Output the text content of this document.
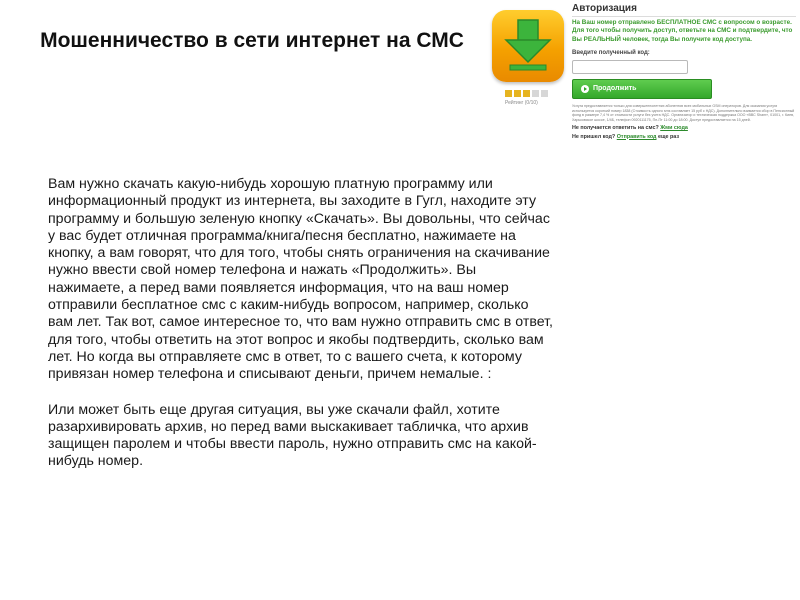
Мошенничество в сети интернет на СМС
Рейтинг (0/10)
Авторизация
На Ваш номер отправлено БЕСПЛАТНОЕ СМС с вопросом о возрасте. Для того чтобы получить доступ, ответьте на СМС и подтвердите, что Вы РЕАЛЬНЫЙ человек, тогда Вы получите код доступа.
Введите полученный код:
Продолжить
Услуга предоставляется только для совершеннолетних абонентов всех мобильных GSM операторов. Для оказания услуги используется короткий номер 1838 (Стоимость одного sms составляет 15 руб с НДС). Дополнительно взимается сбор в Пенсионный фонд в размере 7,4 % от стоимости услуги без учета НДС. Организатор и техническая поддержка ООО «ВВС Sham», 01001, г. Киев, Харьковское шоссе, 1/4Б, телефон 0920111175, Пн-Пт 11:00 до 18:00. Доступ предоставляется на 15 дней.
Не получается ответить на смс? Жми сюда
Не пришел код? Отправить код еще раз

Вам нужно скачать какую-нибудь хорошую платную программу или информационный продукт из интернета, вы заходите в Гугл, находите эту программу и большую зеленую кнопку «Скачать». Вы довольны, что сейчас у вас будет отличная программа/книга/песня бесплатно, нажимаете на кнопку, а вам говорят, что для того, чтобы снять ограничения на скачивание нужно ввести свой номер телефона и нажать «Продолжить». Вы нажимаете, а перед вами появляется информация, что на ваш номер отправили бесплатное смс с каким-нибудь вопросом, например, сколько вам лет. Так вот, самое интересное то, что вам нужно отправить смс в ответ, для того, чтобы ответить на этот вопрос и якобы подтвердить, сколько вам лет. Но когда вы отправляете смс в ответ, то с вашего счета, к которому привязан номер телефона и списывают деньги, причем немалые. :

Или может быть еще другая ситуация, вы уже скачали файл, хотите разархивировать архив, но перед вами выскакивает табличка, что архив защищен паролем и чтобы ввести пароль, нужно отправить смс на какой-нибудь номер.
